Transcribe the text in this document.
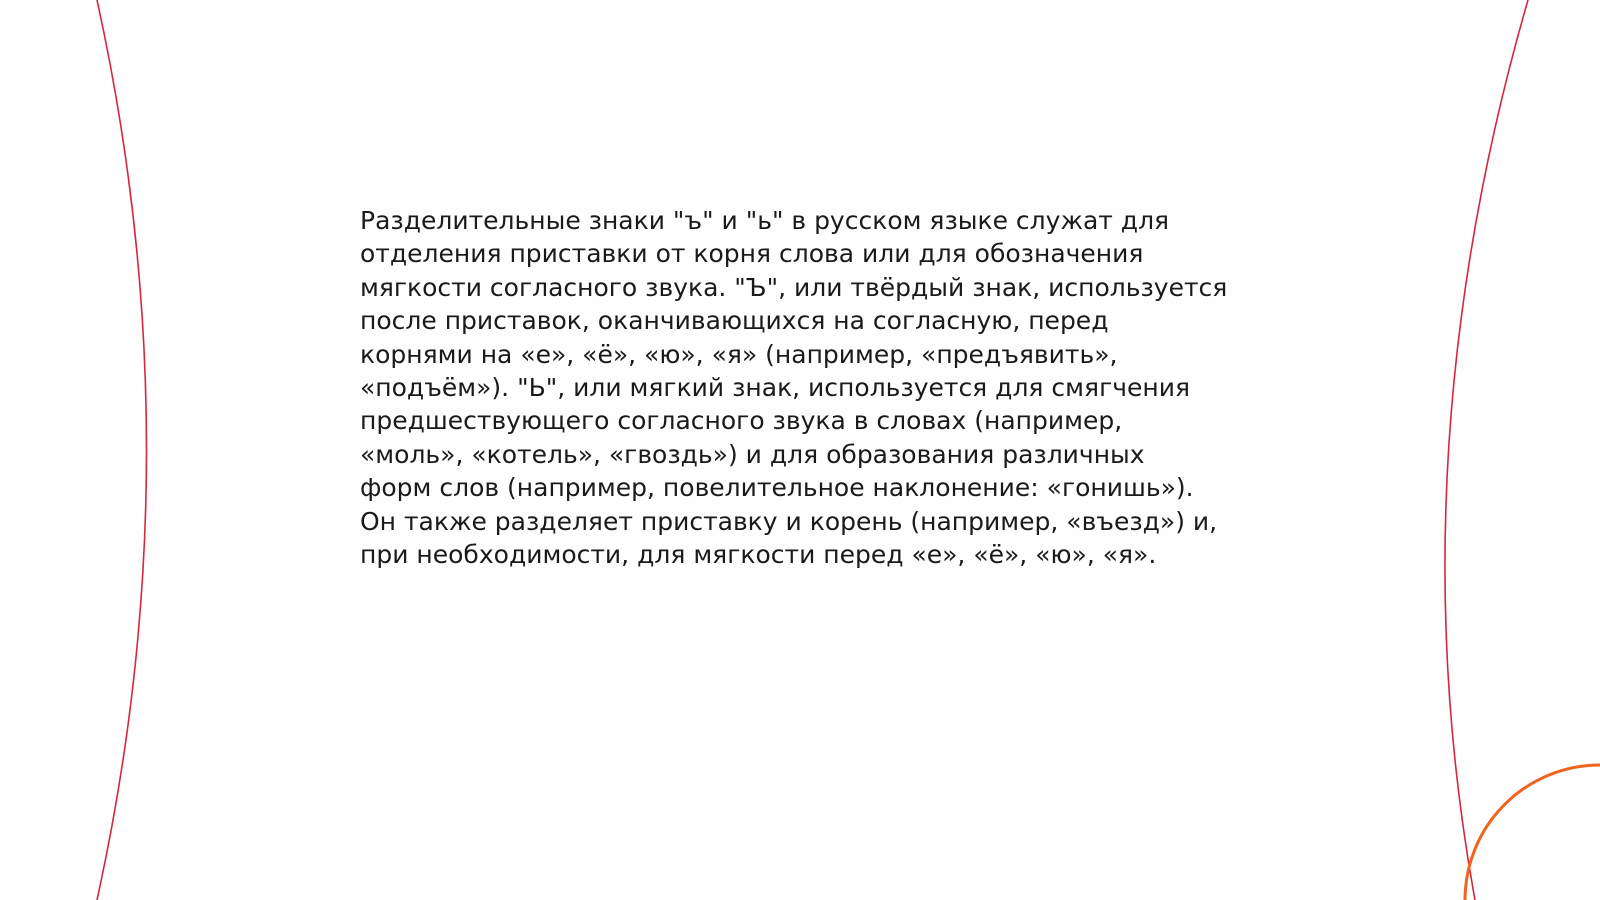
Разделительные знаки "ъ" и "ь" в русском языке служат для
отделения приставки от корня слова или для обозначения
мягкости согласного звука. "Ъ", или твёрдый знак, используется
после приставок, оканчивающихся на согласную, перед
корнями на «е», «ё», «ю», «я» (например, «предъявить»,
«подъём»). "Ь", или мягкий знак, используется для смягчения
предшествующего согласного звука в словах (например,
«моль», «котель», «гвоздь») и для образования различных
форм слов (например, повелительное наклонение: «гонишь»).
Он также разделяет приставку и корень (например, «въезд») и,
при необходимости, для мягкости перед «е», «ё», «ю», «я».
